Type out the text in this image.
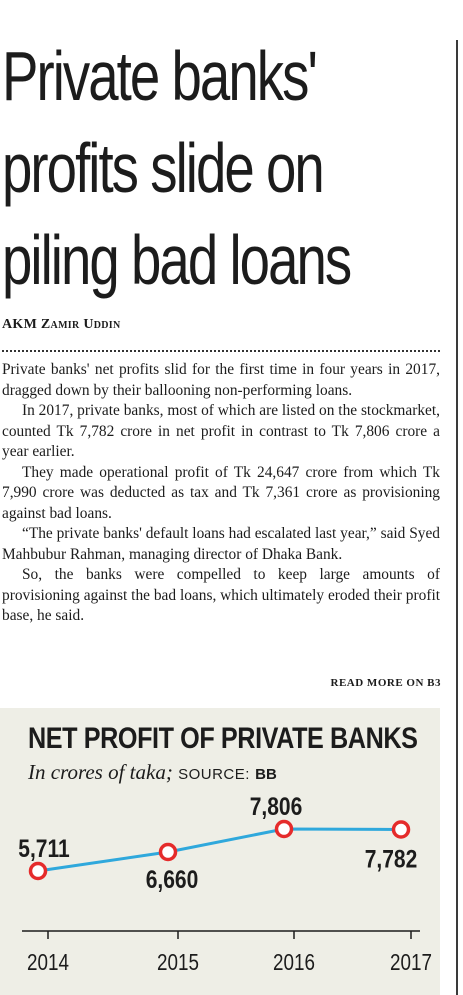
Private banks'
profits slide on
piling bad loans
AKM Zamir Uddin

Private banks' net profits slid for the first time in four years in 2017, dragged down by their ballooning non-performing loans.

In 2017, private banks, most of which are listed on the stockmarket, counted Tk 7,782 crore in net profit in contrast to Tk 7,806 crore a year earlier.

They made operational profit of Tk 24,647 crore from which Tk 7,990 crore was deducted as tax and Tk 7,361 crore as provisioning against bad loans.

“The private banks' default loans had escalated last year,” said Syed Mahbubur Rahman, managing director of Dhaka Bank.

So, the banks were compelled to keep large amounts of provisioning against the bad loans, which ultimately eroded their profit base, he said.

READ MORE ON B3
NET PROFIT OF PRIVATE BANKS
In crores of taka; SOURCE: BB
5,711
6,660
7,806
7,782
2014	2015	2016	2017
